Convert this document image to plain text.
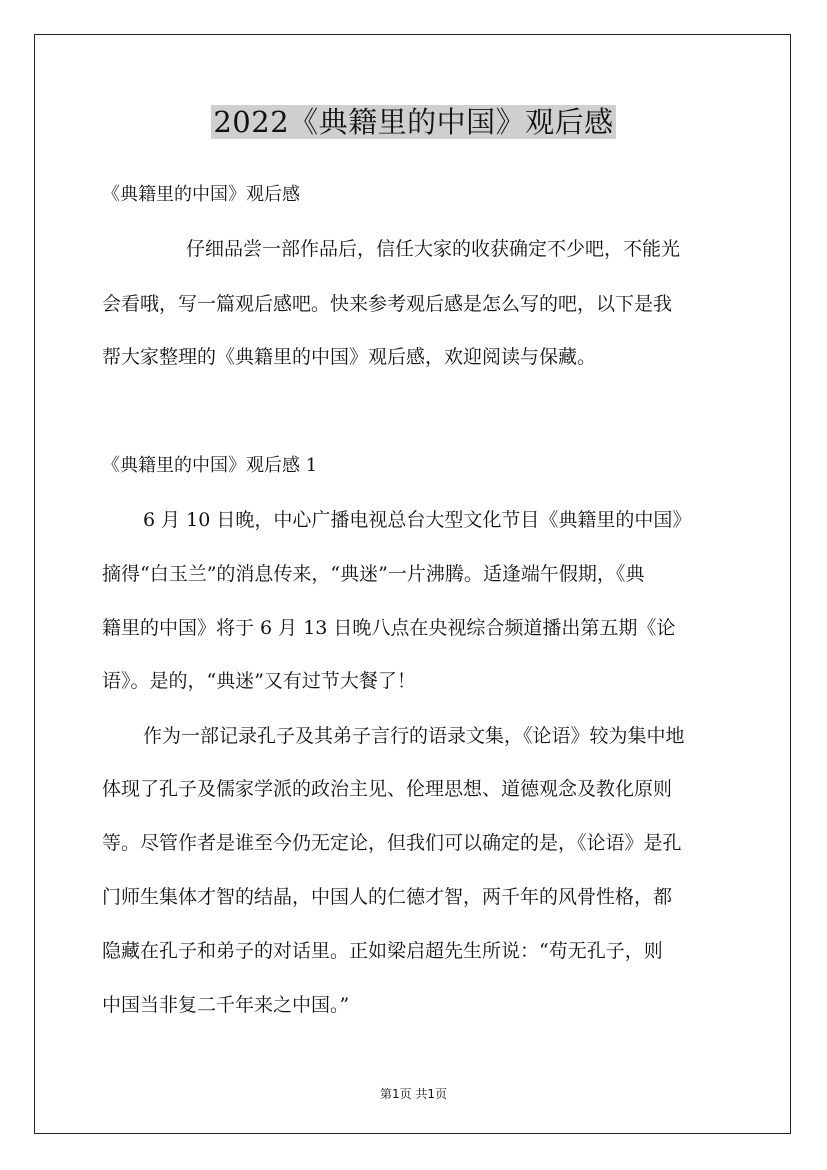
2022《典籍里的中国》观后感
《典籍里的中国》观后感
仔细品尝一部作品后，信任大家的收获确定不少吧，不能光
会看哦，写一篇观后感吧。快来参考观后感是怎么写的吧，以下是我
帮大家整理的《典籍里的中国》观后感，欢迎阅读与保藏。
《典籍里的中国》观后感 1
6 月 10 日晚，中心广播电视总台大型文化节目《典籍里的中国》
摘得“白玉兰”的消息传来，“典迷”一片沸腾。适逢端午假期，《典
籍里的中国》将于 6 月 13 日晚八点在央视综合频道播出第五期《论
语》。是的，“典迷”又有过节大餐了！
作为一部记录孔子及其弟子言行的语录文集，《论语》较为集中地
体现了孔子及儒家学派的政治主见、伦理思想、道德观念及教化原则
等。尽管作者是谁至今仍无定论，但我们可以确定的是，《论语》是孔
门师生集体才智的结晶，中国人的仁德才智，两千年的风骨性格，都
隐藏在孔子和弟子的对话里。正如梁启超先生所说：“苟无孔子，则
中国当非复二千年来之中国。”
第1页 共1页
